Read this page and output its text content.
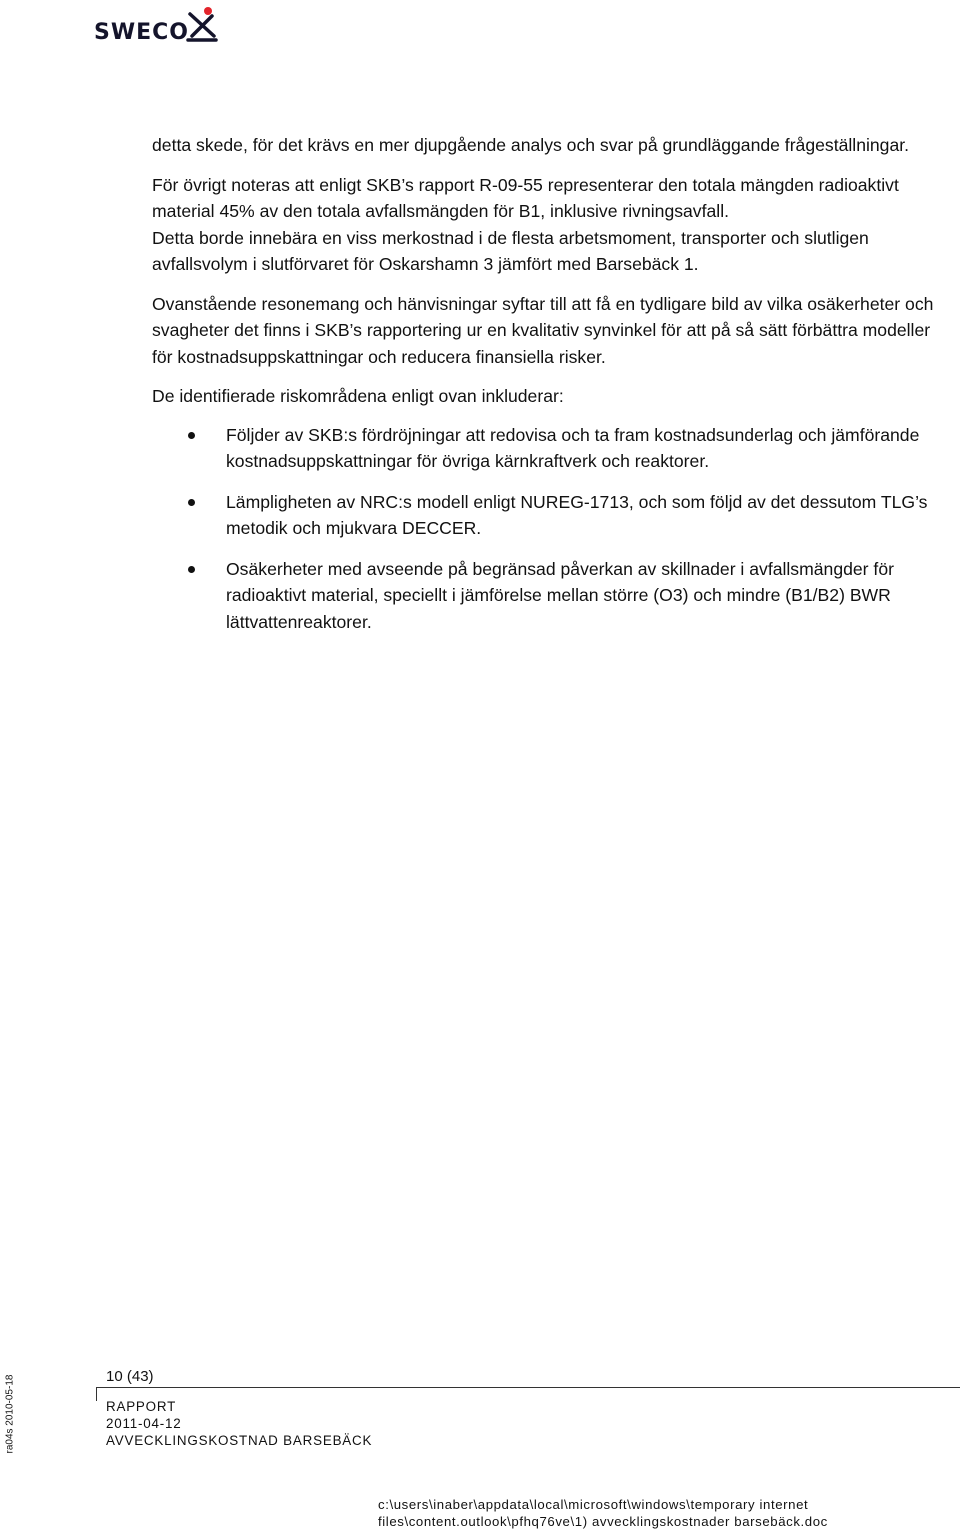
SWECO

detta skede, för det krävs en mer djupgående analys och svar på grundläggande frågeställningar.

För övrigt noteras att enligt SKB’s rapport R-09-55 representerar den totala mängden radioaktivt material 45% av den totala avfallsmängden för B1, inklusive rivningsavfall.

Detta borde innebära en viss merkostnad i de flesta arbetsmoment, transporter och slutligen avfallsvolym i slutförvaret för Oskarshamn 3 jämfört med Barsebäck 1.

Ovanstående resonemang och hänvisningar syftar till att få en tydligare bild av vilka osäkerheter och svagheter det finns i SKB’s rapportering ur en kvalitativ synvinkel för att på så sätt förbättra modeller för kostnadsuppskattningar och reducera finansiella risker.

De identifierade riskområdena enligt ovan inkluderar:

Följder av SKB:s fördröjningar att redovisa och ta fram kostnadsunderlag och jämförande kostnadsuppskattningar för övriga kärnkraftverk och reaktorer.
Lämpligheten av NRC:s modell enligt NUREG-1713, och som följd av det dessutom TLG’s metodik och mjukvara DECCER.
Osäkerheter med avseende på begränsad påverkan av skillnader i avfallsmängder för radioaktivt material, speciellt i jämförelse mellan större (O3) och mindre (B1/B2) BWR lättvattenreaktorer.
ra04s 2010-05-18	10 (43)
RAPPORT
2011-04-12
AVVECKLINGSKOSTNAD BARSEBÄCK
c:\users\inaber\appdata\local\microsoft\windows\temporary internet
files\content.outlook\pfhq76ve\1) avvecklingskostnader barsebäck.doc
